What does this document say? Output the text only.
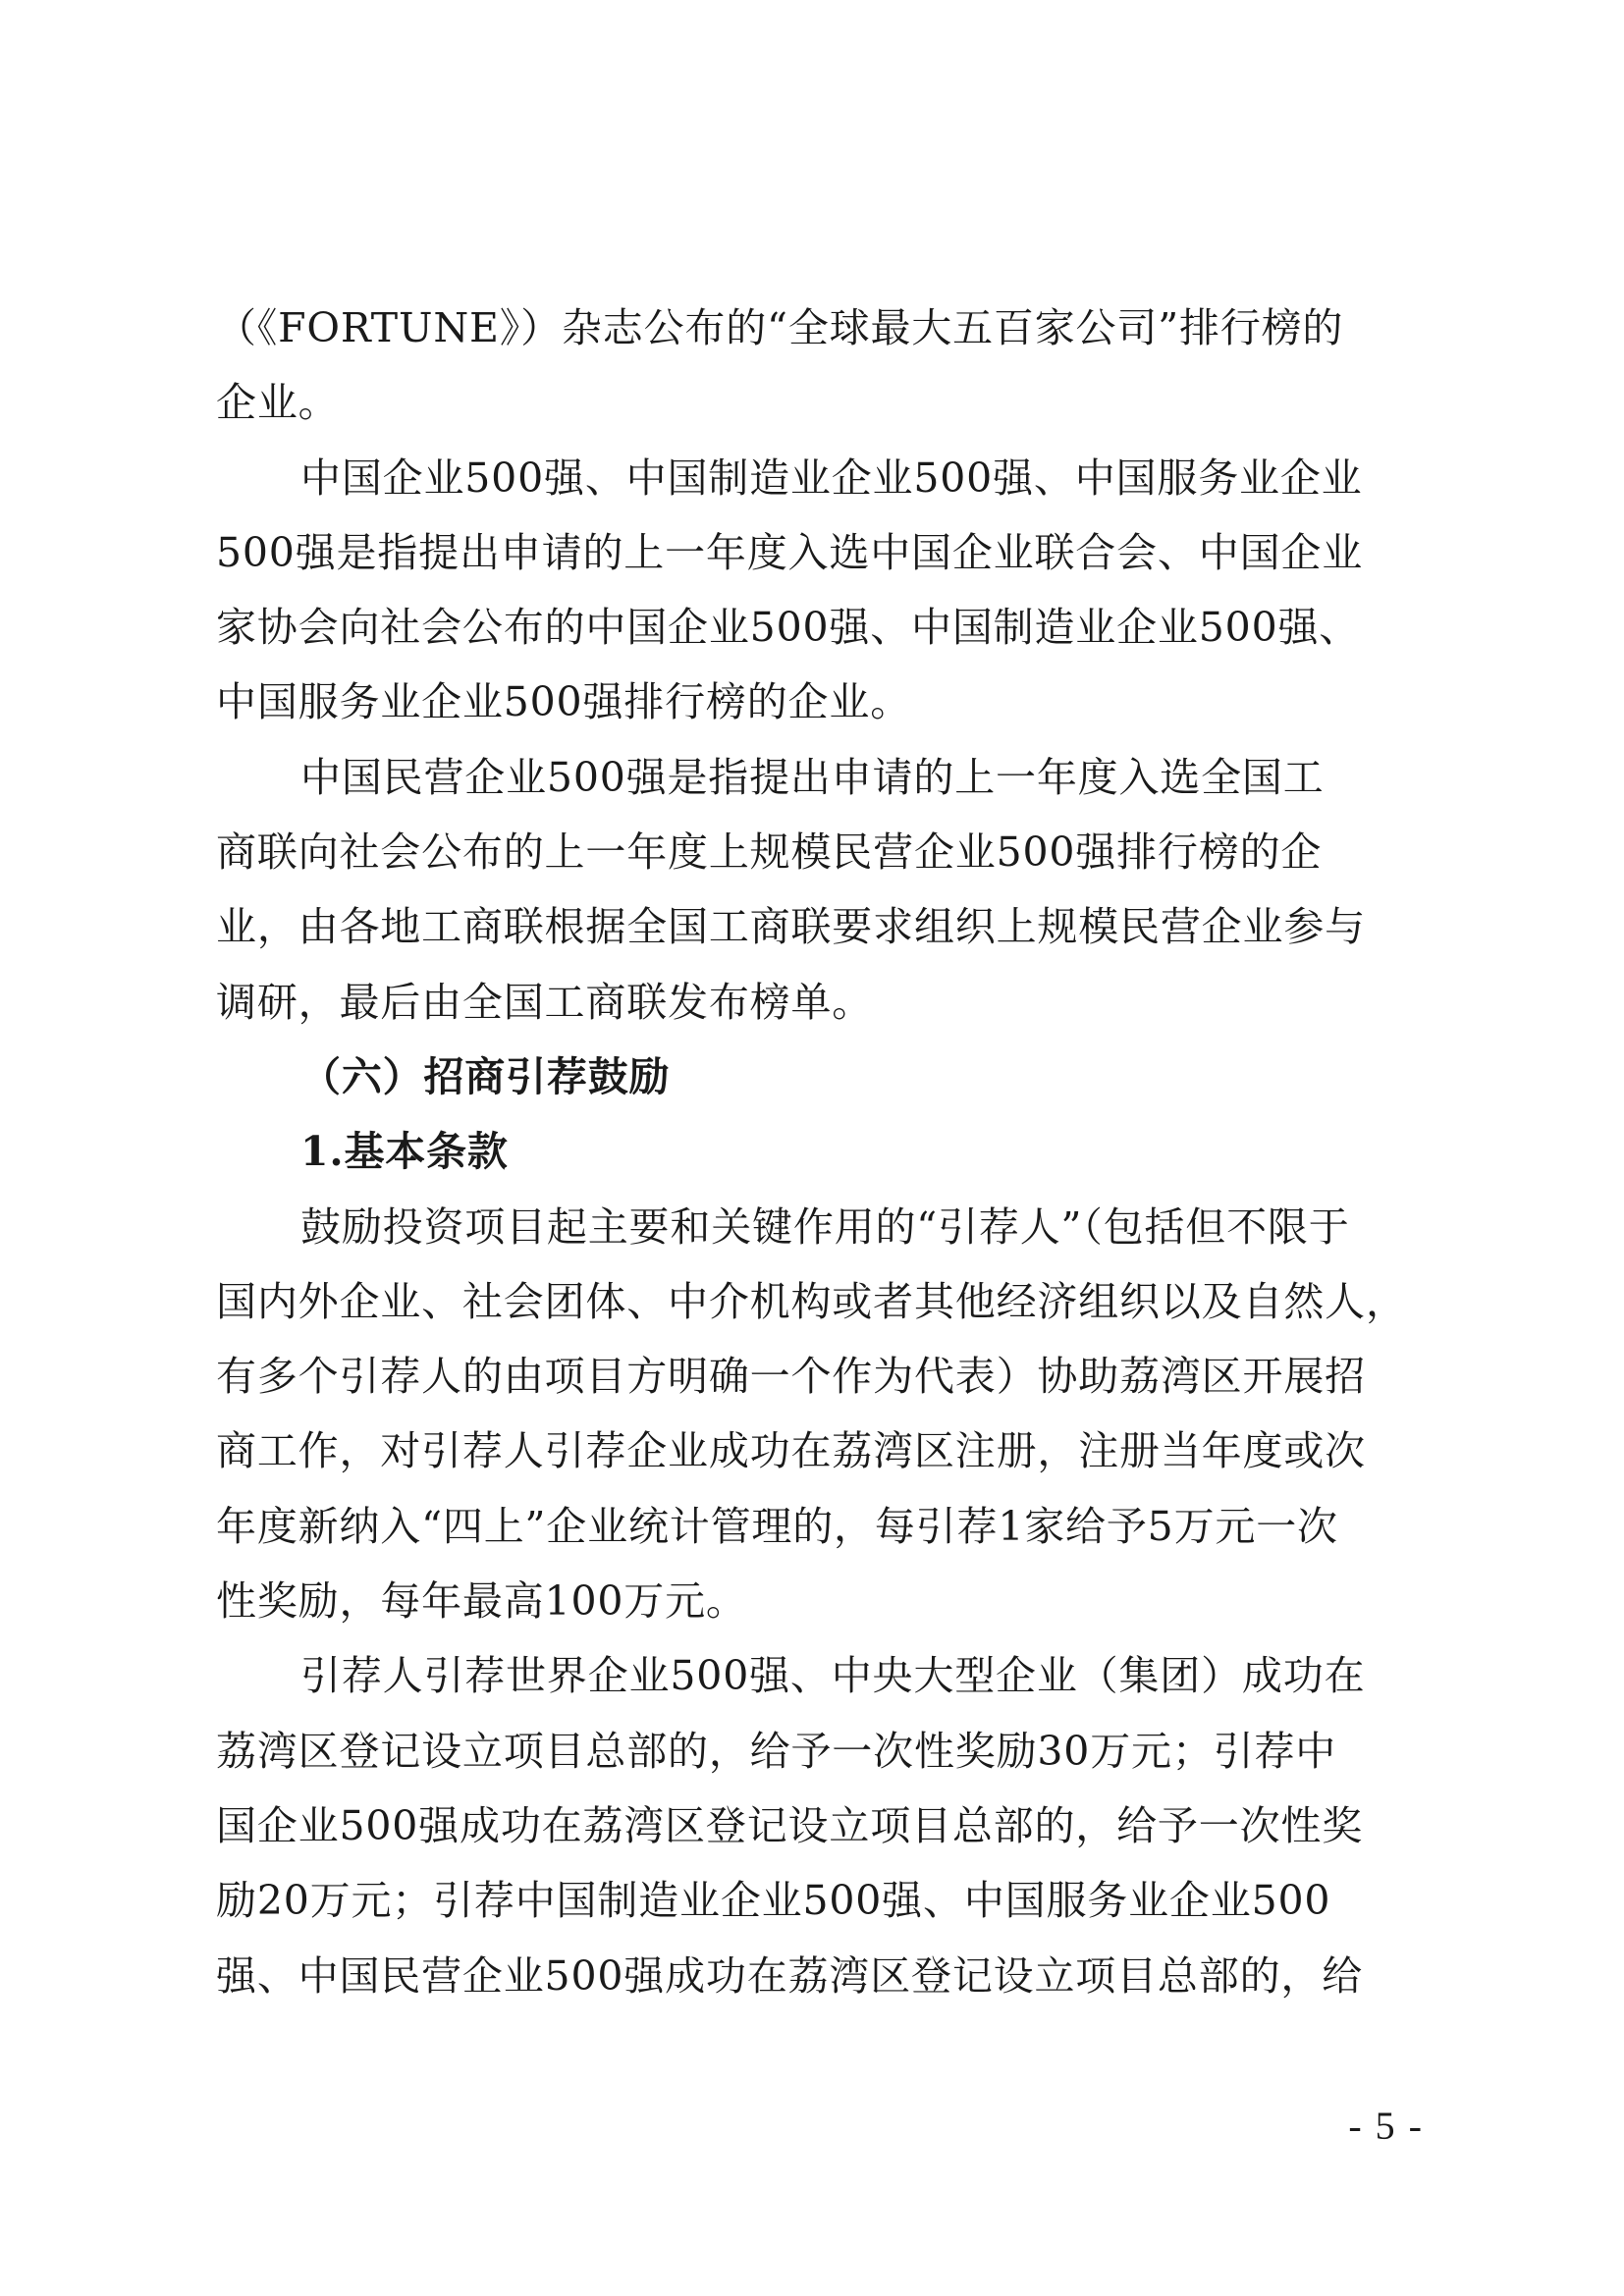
（《FORTUNE》）杂志公布的“全球最大五百家公司”排行榜的
企业。
中国企业500强、中国制造业企业500强、中国服务业企业
500强是指提出申请的上一年度入选中国企业联合会、中国企业
家协会向社会公布的中国企业500强、中国制造业企业500强、
中国服务业企业500强排行榜的企业。
中国民营企业500强是指提出申请的上一年度入选全国工
商联向社会公布的上一年度上规模民营企业500强排行榜的企
业，由各地工商联根据全国工商联要求组织上规模民营企业参与
调研，最后由全国工商联发布榜单。
（六）招商引荐鼓励
1.基本条款
鼓励投资项目起主要和关键作用的“引荐人”（包括但不限于
国内外企业、社会团体、中介机构或者其他经济组织以及自然人，
有多个引荐人的由项目方明确一个作为代表）协助荔湾区开展招
商工作，对引荐人引荐企业成功在荔湾区注册，注册当年度或次
年度新纳入“四上”企业统计管理的，每引荐1家给予5万元一次
性奖励，每年最高100万元。
引荐人引荐世界企业500强、中央大型企业（集团）成功在
荔湾区登记设立项目总部的，给予一次性奖励30万元；引荐中
国企业500强成功在荔湾区登记设立项目总部的，给予一次性奖
励20万元；引荐中国制造业企业500强、中国服务业企业500
强、中国民营企业500强成功在荔湾区登记设立项目总部的，给
- 5 -
